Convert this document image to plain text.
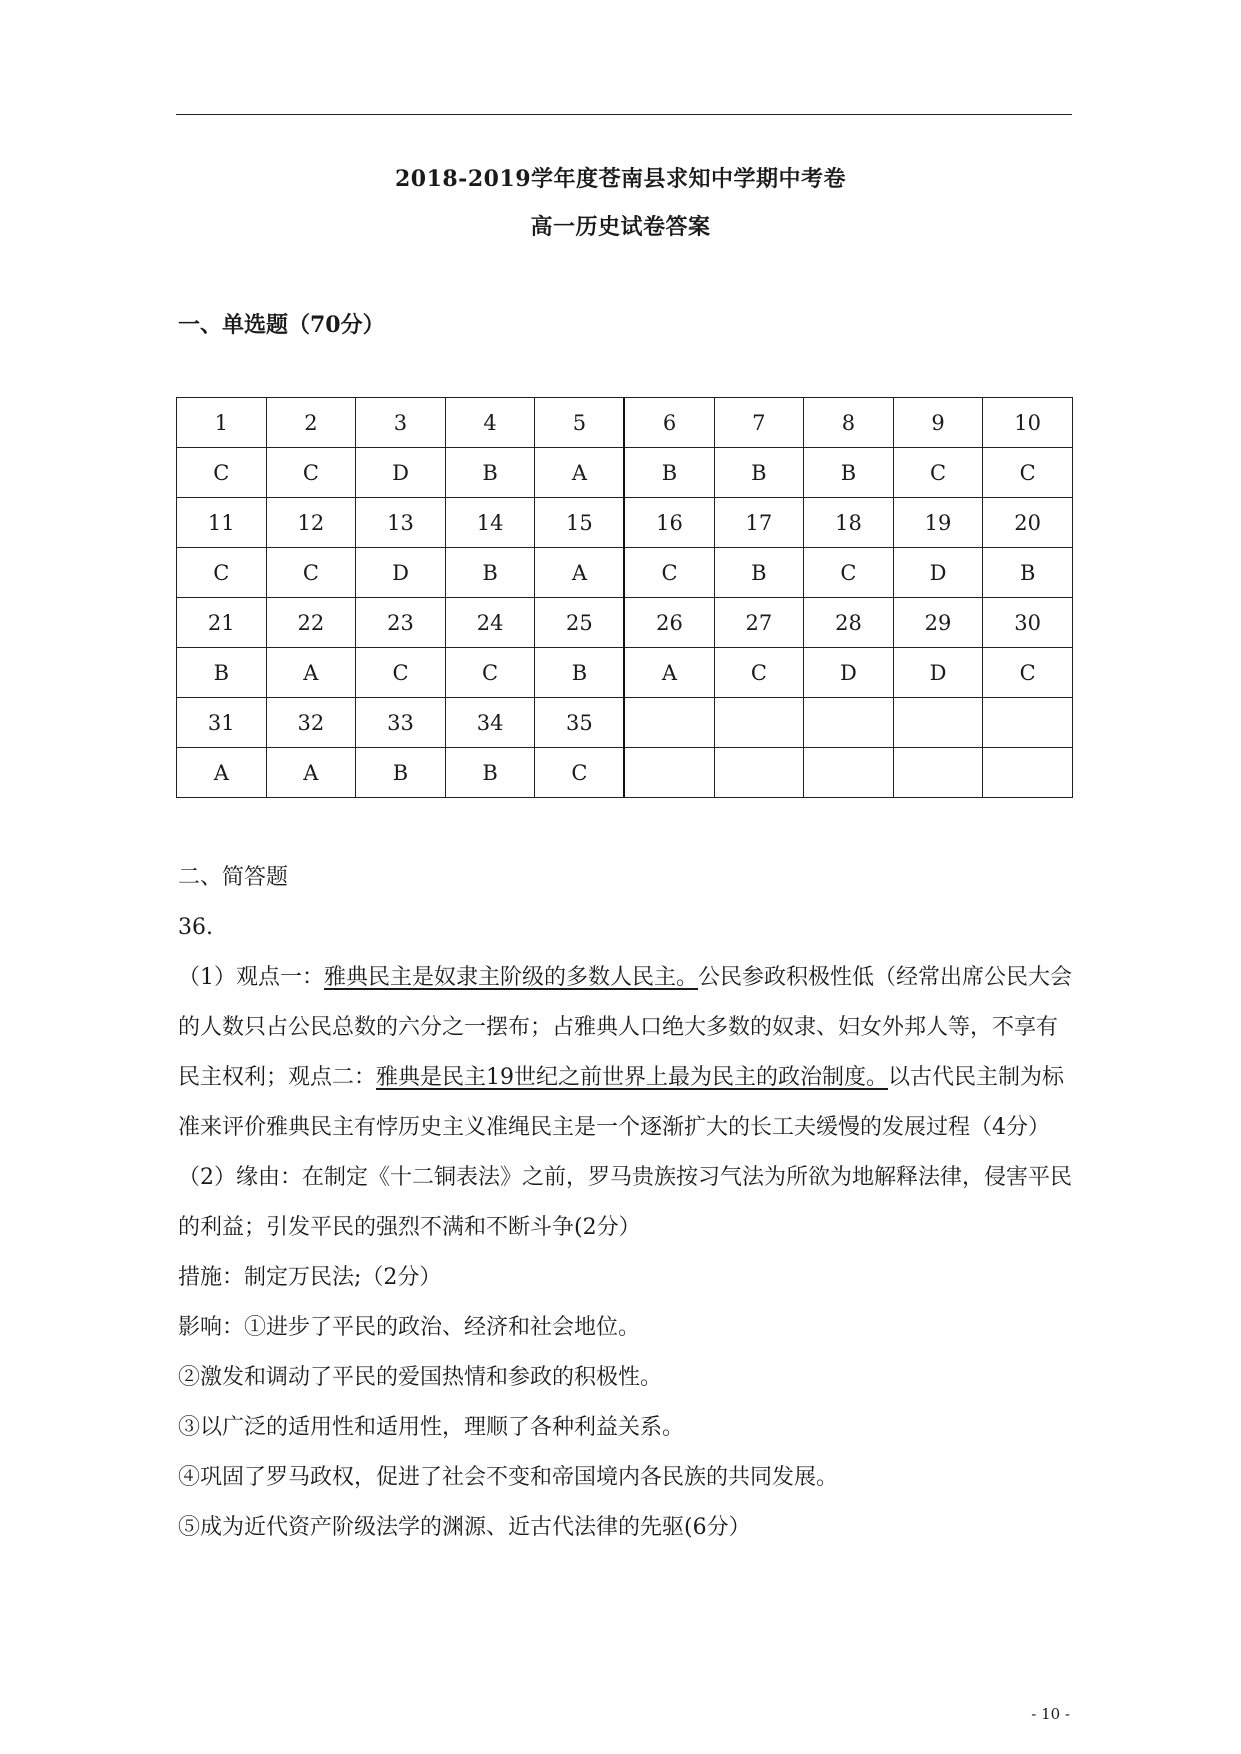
2018-2019学年度苍南县求知中学期中考卷
高一历史试卷答案
一、单选题（70分）
1	2	3	4	5	6	7	8	9	10
C	C	D	B	A	B	B	B	C	C
11	12	13	14	15	16	17	18	19	20
C	C	D	B	A	C	B	C	D	B
21	22	23	24	25	26	27	28	29	30
B	A	C	C	B	A	C	D	D	C
31	32	33	34	35					
A	A	B	B	C					

二、简答题

36.

（1）观点一：雅典民主是奴隶主阶级的多数人民主。公民参政积极性低（经常出席公民大会的人数只占公民总数的六分之一摆布；占雅典人口绝大多数的奴隶、妇女外邦人等，不享有民主权利；观点二：雅典是民主19世纪之前世界上最为民主的政治制度。以古代民主制为标准来评价雅典民主有悖历史主义准绳民主是一个逐渐扩大的长工夫缓慢的发展过程（4分）

（2）缘由：在制定《十二铜表法》之前，罗马贵族按习气法为所欲为地解释法律，侵害平民的利益；引发平民的强烈不满和不断斗争(2分）

措施：制定万民法;（2分）

影响：①进步了平民的政治、经济和社会地位。

②激发和调动了平民的爱国热情和参政的积极性。

③以广泛的适用性和适用性，理顺了各种利益关系。

④巩固了罗马政权，促进了社会不变和帝国境内各民族的共同发展。

⑤成为近代资产阶级法学的渊源、近古代法律的先驱(6分）

- 10 -
